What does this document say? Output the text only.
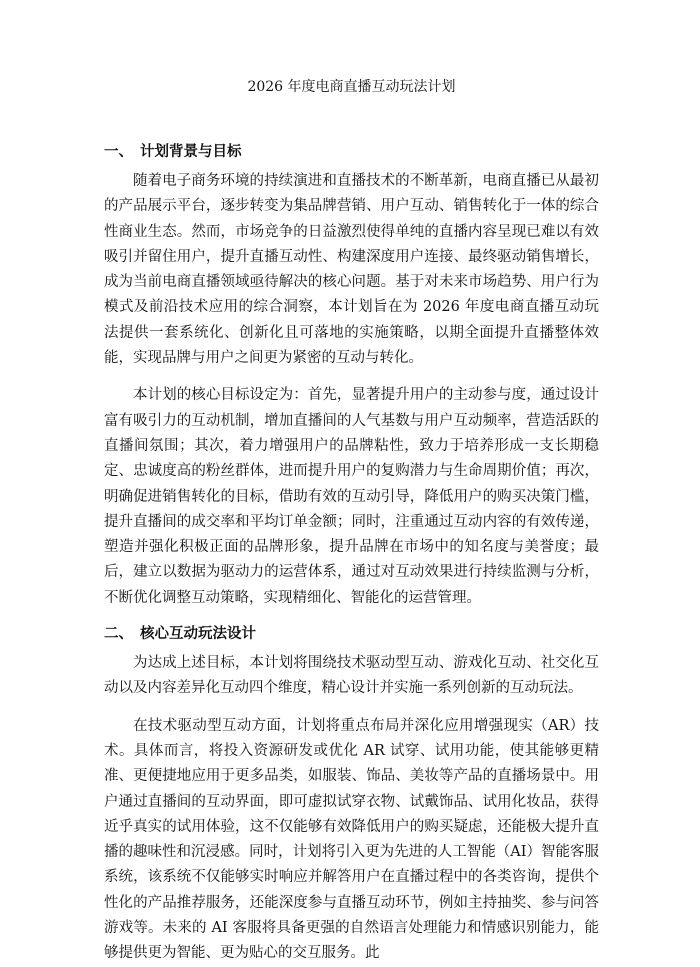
2026 年度电商直播互动玩法计划
一、 计划背景与目标

随着电子商务环境的持续演进和直播技术的不断革新，电商直播已从最初的产品展示平台，逐步转变为集品牌营销、用户互动、销售转化于一体的综合性商业生态。然而，市场竞争的日益激烈使得单纯的直播内容呈现已难以有效吸引并留住用户，提升直播互动性、构建深度用户连接、最终驱动销售增长，成为当前电商直播领域亟待解决的核心问题。基于对未来市场趋势、用户行为模式及前沿技术应用的综合洞察，本计划旨在为 2026 年度电商直播互动玩法提供一套系统化、创新化且可落地的实施策略，以期全面提升直播整体效能，实现品牌与用户之间更为紧密的互动与转化。

本计划的核心目标设定为：首先，显著提升用户的主动参与度，通过设计富有吸引力的互动机制，增加直播间的人气基数与用户互动频率，营造活跃的直播间氛围；其次，着力增强用户的品牌粘性，致力于培养形成一支长期稳定、忠诚度高的粉丝群体，进而提升用户的复购潜力与生命周期价值；再次，明确促进销售转化的目标，借助有效的互动引导，降低用户的购买决策门槛，提升直播间的成交率和平均订单金额；同时，注重通过互动内容的有效传递，塑造并强化积极正面的品牌形象，提升品牌在市场中的知名度与美誉度；最后，建立以数据为驱动力的运营体系，通过对互动效果进行持续监测与分析，不断优化调整互动策略，实现精细化、智能化的运营管理。

二、 核心互动玩法设计

为达成上述目标，本计划将围绕技术驱动型互动、游戏化互动、社交化互动以及内容差异化互动四个维度，精心设计并实施一系列创新的互动玩法。

在技术驱动型互动方面，计划将重点布局并深化应用增强现实（AR）技术。具体而言，将投入资源研发或优化 AR 试穿、试用功能，使其能够更精准、更便捷地应用于更多品类，如服装、饰品、美妆等产品的直播场景中。用户通过直播间的互动界面，即可虚拟试穿衣物、试戴饰品、试用化妆品，获得近乎真实的试用体验，这不仅能够有效降低用户的购买疑虑，还能极大提升直播的趣味性和沉浸感。同时，计划将引入更为先进的人工智能（AI）智能客服系统，该系统不仅能够实时响应并解答用户在直播过程中的各类咨询，提供个性化的产品推荐服务，还能深度参与直播互动环节，例如主持抽奖、参与问答游戏等。未来的 AI 客服将具备更强的自然语言处理能力和情感识别能力，能够提供更为智能、更为贴心的交互服务。此
